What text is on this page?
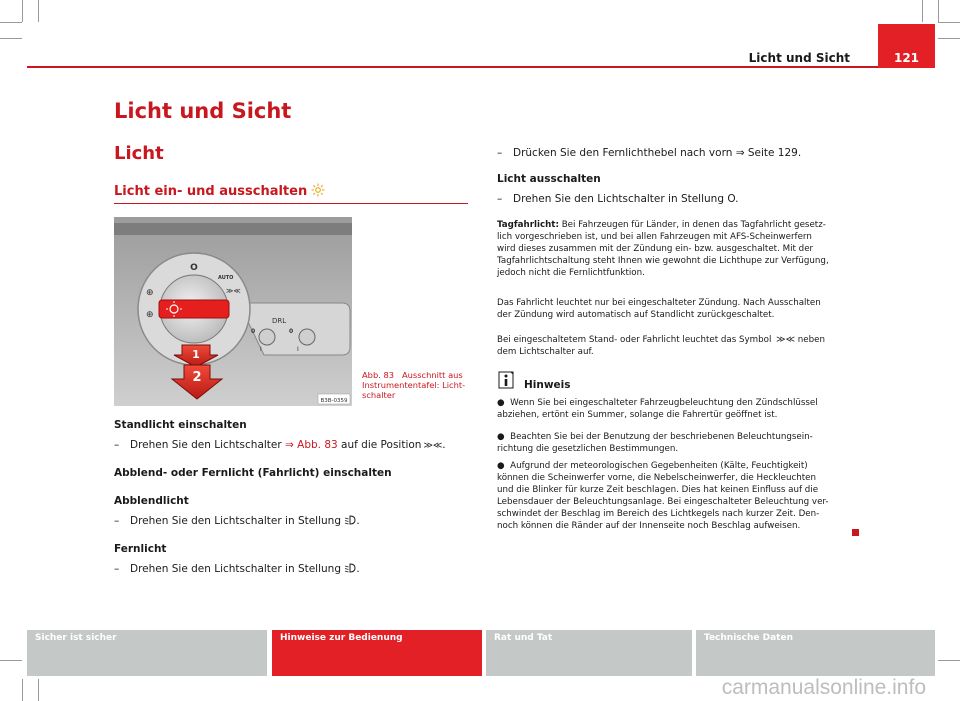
Licht und Sicht	121
Licht und Sicht
Licht
Licht ein- und ausschalten
O
AUTO
⊕
⊕
≫≪
DRL
0
I
0
I
1
2
B3B-0359
Abb. 83 Ausschnitt aus Instrumententafel: Licht-schalter
Standlicht einschalten
– Drehen Sie den Lichtschalter ⇒ Abb. 83 auf die Position ≫≪.
Abblend- oder Fernlicht (Fahrlicht) einschalten
Abblendlicht
– Drehen Sie den Lichtschalter in Stellung .
Fernlicht
– Drehen Sie den Lichtschalter in Stellung .
– Drücken Sie den Fernlichthebel nach vorn ⇒ Seite 129.
Licht ausschalten
– Drehen Sie den Lichtschalter in Stellung O.
Tagfahrlicht: Bei Fahrzeugen für Länder, in denen das Tagfahrlicht gesetz-
lich vorgeschrieben ist, und bei allen Fahrzeugen mit AFS-Scheinwerfern
wird dieses zusammen mit der Zündung ein- bzw. ausgeschaltet. Mit der
Tagfahrlichtschaltung steht Ihnen wie gewohnt die Lichthupe zur Verfügung,
jedoch nicht die Fernlichtfunktion.
Das Fahrlicht leuchtet nur bei eingeschalteter Zündung. Nach Ausschalten
der Zündung wird automatisch auf Standlicht zurückgeschaltet.
Bei eingeschaltetem Stand- oder Fahrlicht leuchtet das Symbol ≫≪ neben
dem Lichtschalter auf.
Hinweis
● Wenn Sie bei eingeschalteter Fahrzeugbeleuchtung den Zündschlüssel
abziehen, ertönt ein Summer, solange die Fahrertür geöffnet ist.
● Beachten Sie bei der Benutzung der beschriebenen Beleuchtungsein-
richtung die gesetzlichen Bestimmungen.
● Aufgrund der meteorologischen Gegebenheiten (Kälte, Feuchtigkeit)
können die Scheinwerfer vorne, die Nebelscheinwerfer, die Heckleuchten
und die Blinker für kurze Zeit beschlagen. Dies hat keinen Einfluss auf die
Lebensdauer der Beleuchtungsanlage. Bei eingeschalteter Beleuchtung ver-
schwindet der Beschlag im Bereich des Lichtkegels nach kurzer Zeit. Den-
noch können die Ränder auf der Innenseite noch Beschlag aufweisen.
Sicher ist sicher	Hinweise zur Bedienung	Rat und Tat	Technische Daten
carmanualsonline.info
